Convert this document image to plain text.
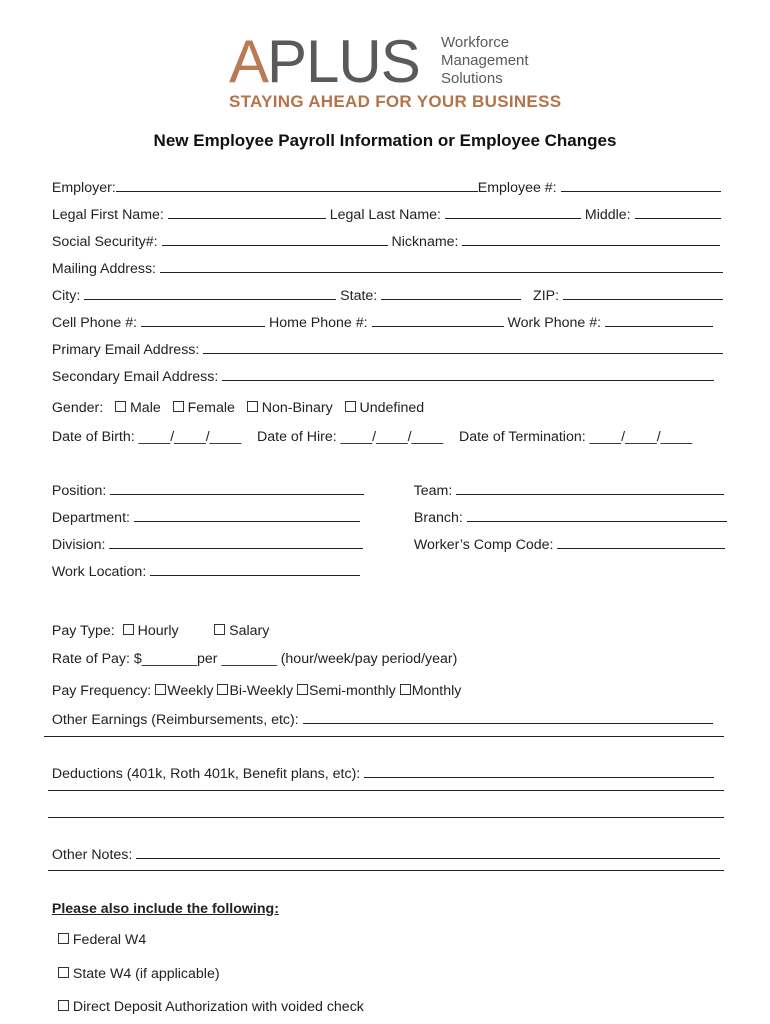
A PLUS Workforce
Management
Solutions
STAYING AHEAD FOR YOUR BUSINESS
New Employee Payroll Information or Employee Changes

Employer:	Employee #:

Legal First Name:	Legal Last Name:	Middle:

Social Security#:	Nickname:

Mailing Address:

City:	State:	ZIP:

Cell Phone #:	Home Phone #:	Work Phone #:

Primary Email Address:

Secondary Email Address:

Gender: Male Female Non-Binary Undefined

Date of Birth: ____/____/____ Date of Hire: ____/____/____ Date of Termination: ____/____/____

Position:	Team:

Department:	Branch:

Division:	Worker’s Comp Code:

Work Location:

Pay Type: Hourly	Salary

Rate of Pay: $_______per _______ (hour/week/pay period/year)

Pay Frequency: Weekly Bi-Weekly Semi-monthly Monthly

Other Earnings (Reimbursements, etc):

Deductions (401k, Roth 401k, Benefit plans, etc):

Other Notes:

Please also include the following:

Federal W4

State W4 (if applicable)

Direct Deposit Authorization with voided check
